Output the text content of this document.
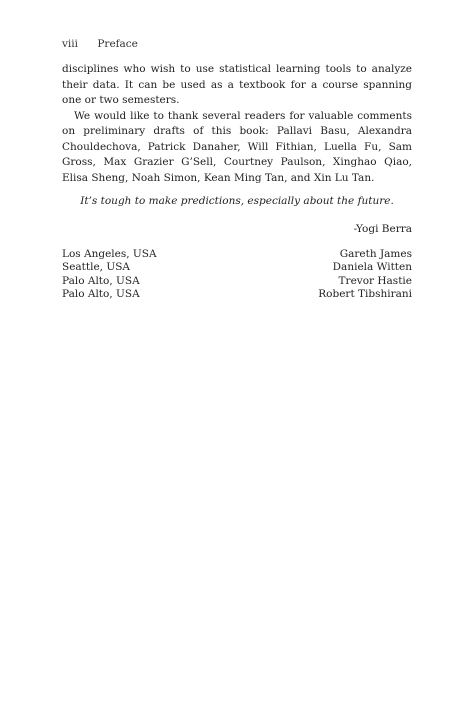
viii Preface

disciplines who wish to use statistical learning tools to analyze their data. It can be used as a textbook for a course spanning one or two semesters.

We would like to thank several readers for valuable comments on preliminary drafts of this book: Pallavi Basu, Alexandra Chouldechova, Patrick Danaher, Will Fithian, Luella Fu, Sam Gross, Max Grazier G’Sell, Courtney Paulson, Xinghao Qiao, Elisa Sheng, Noah Simon, Kean Ming Tan, and Xin Lu Tan.

It’s tough to make predictions, especially about the future.
-Yogi Berra
Los Angeles, USA	Gareth James
Seattle, USA	Daniela Witten
Palo Alto, USA	Trevor Hastie
Palo Alto, USA	Robert Tibshirani
